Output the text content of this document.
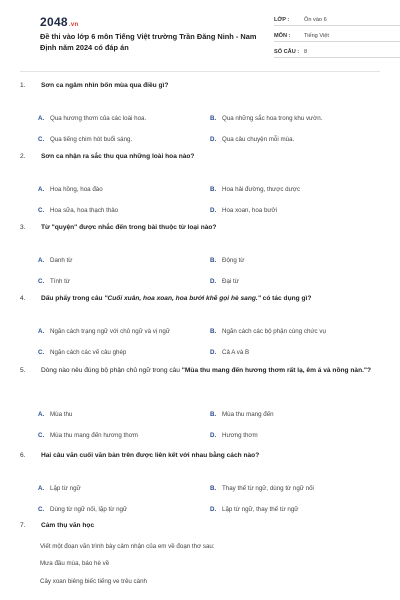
2048.vn
Đề thi vào lớp 6 môn Tiếng Việt trường Trần Đăng Ninh - Nam Định năm 2024 có đáp án
LỚP :	Ôn vào 6
MÔN : Tiếng Việt
SỐ CÂU : 8
1.	Sơn ca ngâm nhìn bốn mùa qua điều gì?
A. Qua hương thơm của các loài hoa.	B. Qua những sắc hoa trong khu vườn.
C. Qua tiếng chim hót buổi sáng.	D. Qua câu chuyện mỗi mùa.
2.	Sơn ca nhận ra sắc thu qua những loài hoa nào?
A. Hoa hồng, hoa đào	B. Hoa hải đường, thược dược
C. Hoa sữa, hoa thạch thảo	D. Hoa xoan, hoa bưởi
3.	Từ "quyện" được nhắc đến trong bài thuộc từ loại nào?
A. Danh từ	B. Động từ
C. Tính từ	D. Đại từ
4.	Dấu phẩy trong câu "Cuối xuân, hoa xoan, hoa bưởi khẽ gọi hè sang." có tác dụng gì?
A. Ngăn cách trạng ngữ với chủ ngữ và vị ngữ	B. Ngăn cách các bộ phận cùng chức vụ
C. Ngăn cách các vế câu ghép	D. Cả A và B
5.	Dòng nào nêu đúng bộ phận chủ ngữ trong câu "Mùa thu mang đến hương thơm rất lạ, êm á và nồng nàn."?
A. Mùa thu	B. Mùa thu mang đến
C. Mùa thu mang đến hương thơm	D. Hương thơm
6.	Hai câu văn cuối văn bản trên được liên kết với nhau bằng cách nào?
A. Lặp từ ngữ	B. Thay thế từ ngữ, dùng từ ngữ nối
C. Dùng từ ngữ nối, lặp từ ngữ	D. Lặp từ ngữ, thay thế từ ngữ
7.	Cảm thụ văn học
Viết một đoạn văn trình bày cảm nhận của em về đoạn thơ sau:
Mưa đầu mùa, báo hè về
Cây xoan biêng biếc tiếng ve trêu cành
